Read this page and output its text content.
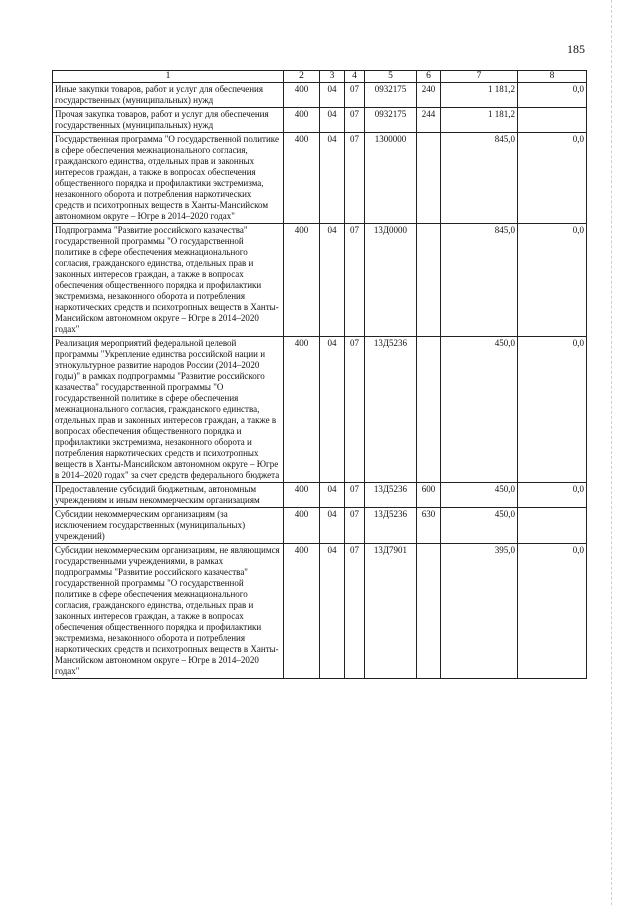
185
1	2	3	4	5	6	7	8
Иные закупки товаров, работ и услуг для обеспечения государственных (муниципальных) нужд	400	04	07	0932175	240	1 181,2	0,0
Прочая закупка товаров, работ и услуг для обеспечения государственных (муниципальных) нужд	400	04	07	0932175	244	1 181,2	
Государственная программа "О государственной политике в сфере обеспечения межнационального согласия, гражданского единства, отдельных прав и законных интересов граждан, а также в вопросах обеспечения общественного порядка и профилактики экстремизма, незаконного оборота и потребления наркотических средств и психотропных веществ в Ханты-Мансийском автономном округе – Югре в 2014–2020 годах"	400	04	07	1300000		845,0	0,0
Подпрограмма "Развитие российского казачества" государственной программы "О государственной политике в сфере обеспечения межнационального согласия, гражданского единства, отдельных прав и законных интересов граждан, а также в вопросах обеспечения общественного порядка и профилактики экстремизма, незаконного оборота и потребления наркотических средств и психотропных веществ в Ханты-Мансийском автономном округе – Югре в 2014–2020 годах"	400	04	07	13Д0000		845,0	0,0
Реализация мероприятий федеральной целевой программы "Укрепление единства российской нации и этнокультурное развитие народов России (2014–2020 годы)" в рамках подпрограммы "Развитие российского казачества" государственной программы "О государственной политике в сфере обеспечения межнационального согласия, гражданского единства, отдельных прав и законных интересов граждан, а также в вопросах обеспечения общественного порядка и профилактики экстремизма, незаконного оборота и потребления наркотических средств и психотропных веществ в Ханты-Мансийском автономном округе – Югре в 2014–2020 годах" за счет средств федерального бюджета	400	04	07	13Д5236		450,0	0,0
Предоставление субсидий бюджетным, автономным учреждениям и иным некоммерческим организациям	400	04	07	13Д5236	600	450,0	0,0
Субсидии некоммерческим организациям (за исключением государственных (муниципальных) учреждений)	400	04	07	13Д5236	630	450,0	
Субсидии некоммерческим организациям, не являющимся государственными учреждениями, в рамках подпрограммы "Развитие российского казачества" государственной программы "О государственной политике в сфере обеспечения межнационального согласия, гражданского единства, отдельных прав и законных интересов граждан, а также в вопросах обеспечения общественного порядка и профилактики экстремизма, незаконного оборота и потребления наркотических средств и психотропных веществ в Ханты-Мансийском автономном округе – Югре в 2014–2020 годах"	400	04	07	13Д7901		395,0	0,0
